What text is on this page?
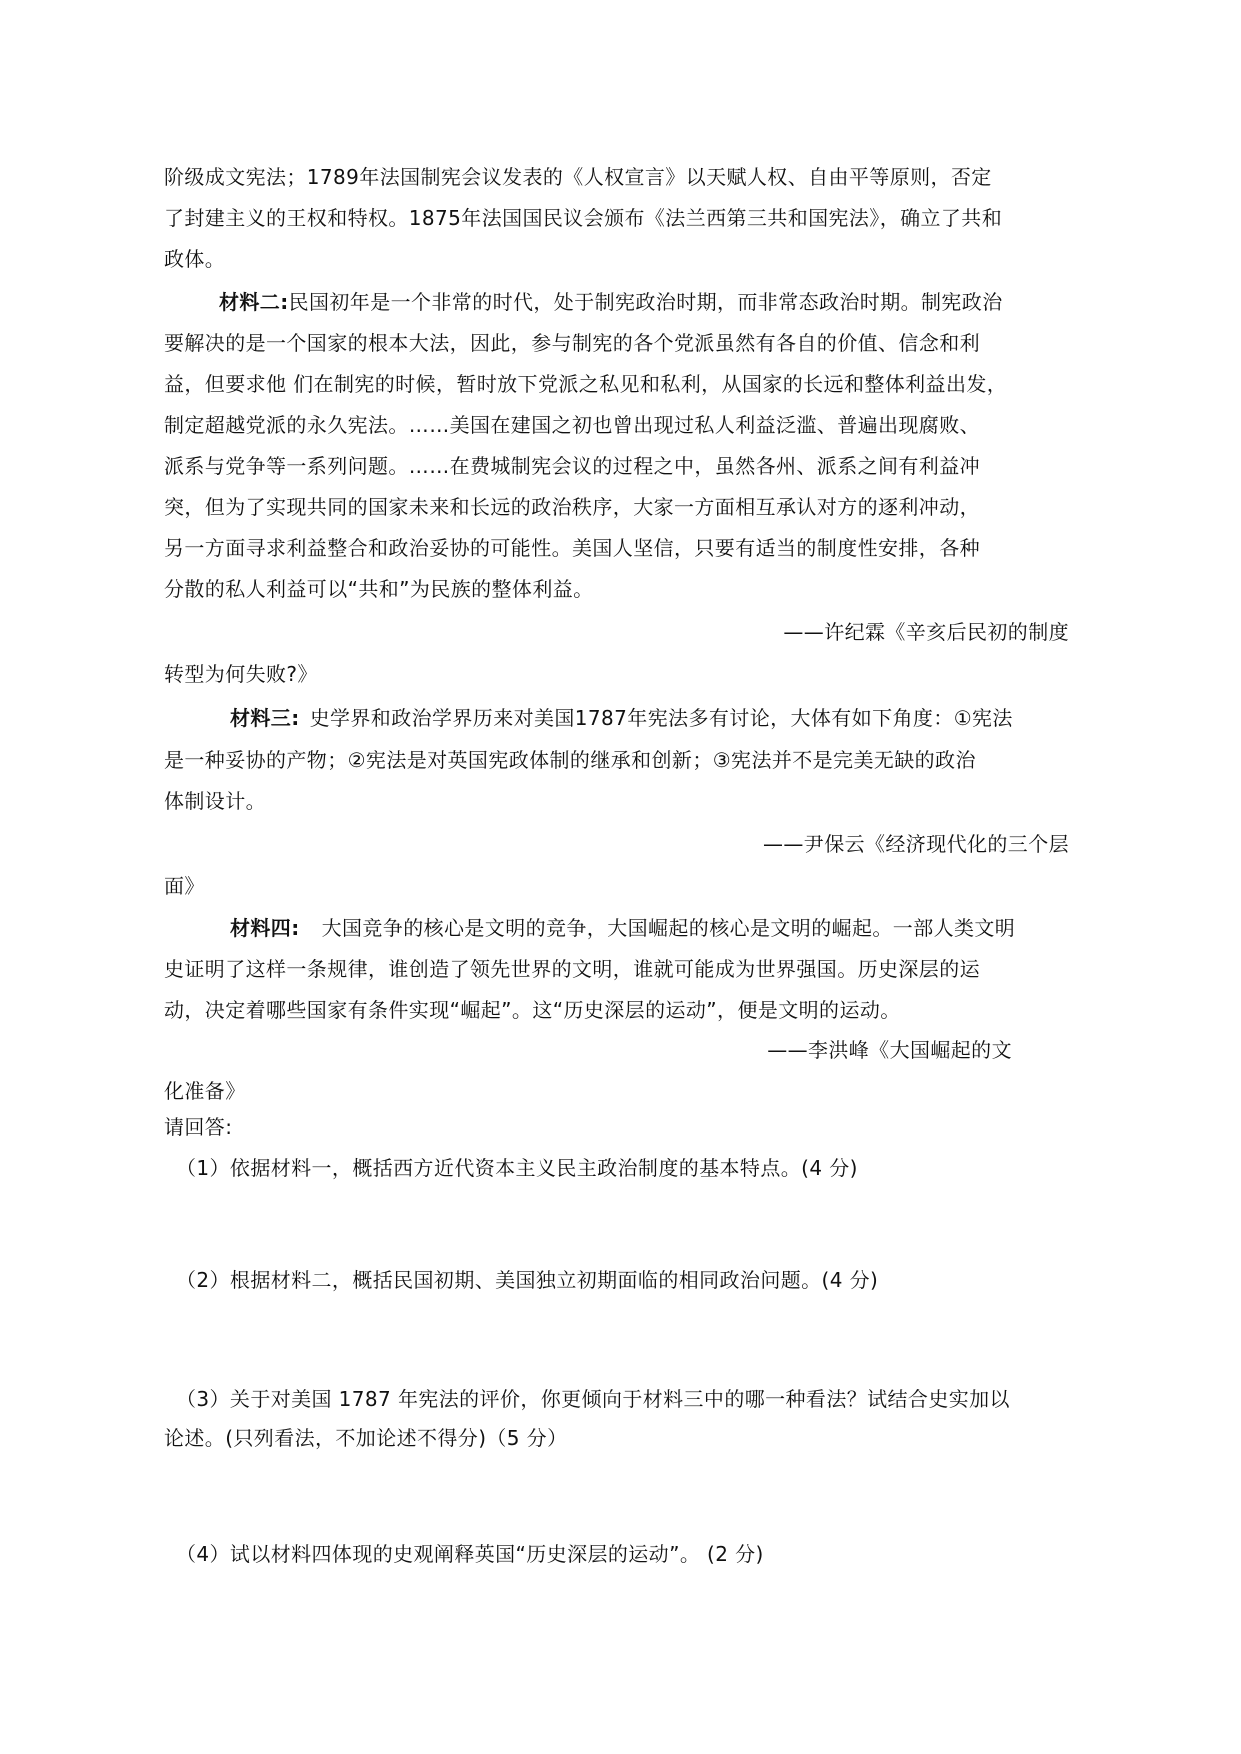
阶级成文宪法；1789年法国制宪会议发表的《人权宣言》以天赋人权、自由平等原则，否定
了封建主义的王权和特权。1875年法国国民议会颁布《法兰西第三共和国宪法》，确立了共和
政体。
材料二:民国初年是一个非常的时代，处于制宪政治时期，而非常态政治时期。制宪政治
要解决的是一个国家的根本大法，因此，参与制宪的各个党派虽然有各自的价值、信念和利
益，但要求他 们在制宪的时候，暂时放下党派之私见和私利，从国家的长远和整体利益出发，
制定超越党派的永久宪法。……美国在建国之初也曾出现过私人利益泛滥、普遍出现腐败、
派系与党争等一系列问题。……在费城制宪会议的过程之中，虽然各州、派系之间有利益冲
突，但为了实现共同的国家未来和长远的政治秩序，大家一方面相互承认对方的逐利冲动，
另一方面寻求利益整合和政治妥协的可能性。美国人坚信，只要有适当的制度性安排，各种
分散的私人利益可以“共和”为民族的整体利益。
——许纪霖《辛亥后民初的制度
转型为何失败?》
材料三: 史学界和政治学界历来对美国1787年宪法多有讨论，大体有如下角度：①宪法
是一种妥协的产物；②宪法是对英国宪政体制的继承和创新；③宪法并不是完美无缺的政治
体制设计。
——尹保云《经济现代化的三个层
面》
材料四: 大国竞争的核心是文明的竞争，大国崛起的核心是文明的崛起。一部人类文明
史证明了这样一条规律，谁创造了领先世界的文明，谁就可能成为世界强国。历史深层的运
动，决定着哪些国家有条件实现“崛起”。这“历史深层的运动”，便是文明的运动。
——李洪峰《大国崛起的文
化准备》
请回答:
（1）依据材料一，概括西方近代资本主义民主政治制度的基本特点。(4 分)
（2）根据材料二，概括民国初期、美国独立初期面临的相同政治问题。(4 分)
（3）关于对美国 1787 年宪法的评价，你更倾向于材料三中的哪一种看法？试结合史实加以
论述。(只列看法，不加论述不得分)（5 分）
（4）试以材料四体现的史观阐释英国“历史深层的运动”。 (2 分)
